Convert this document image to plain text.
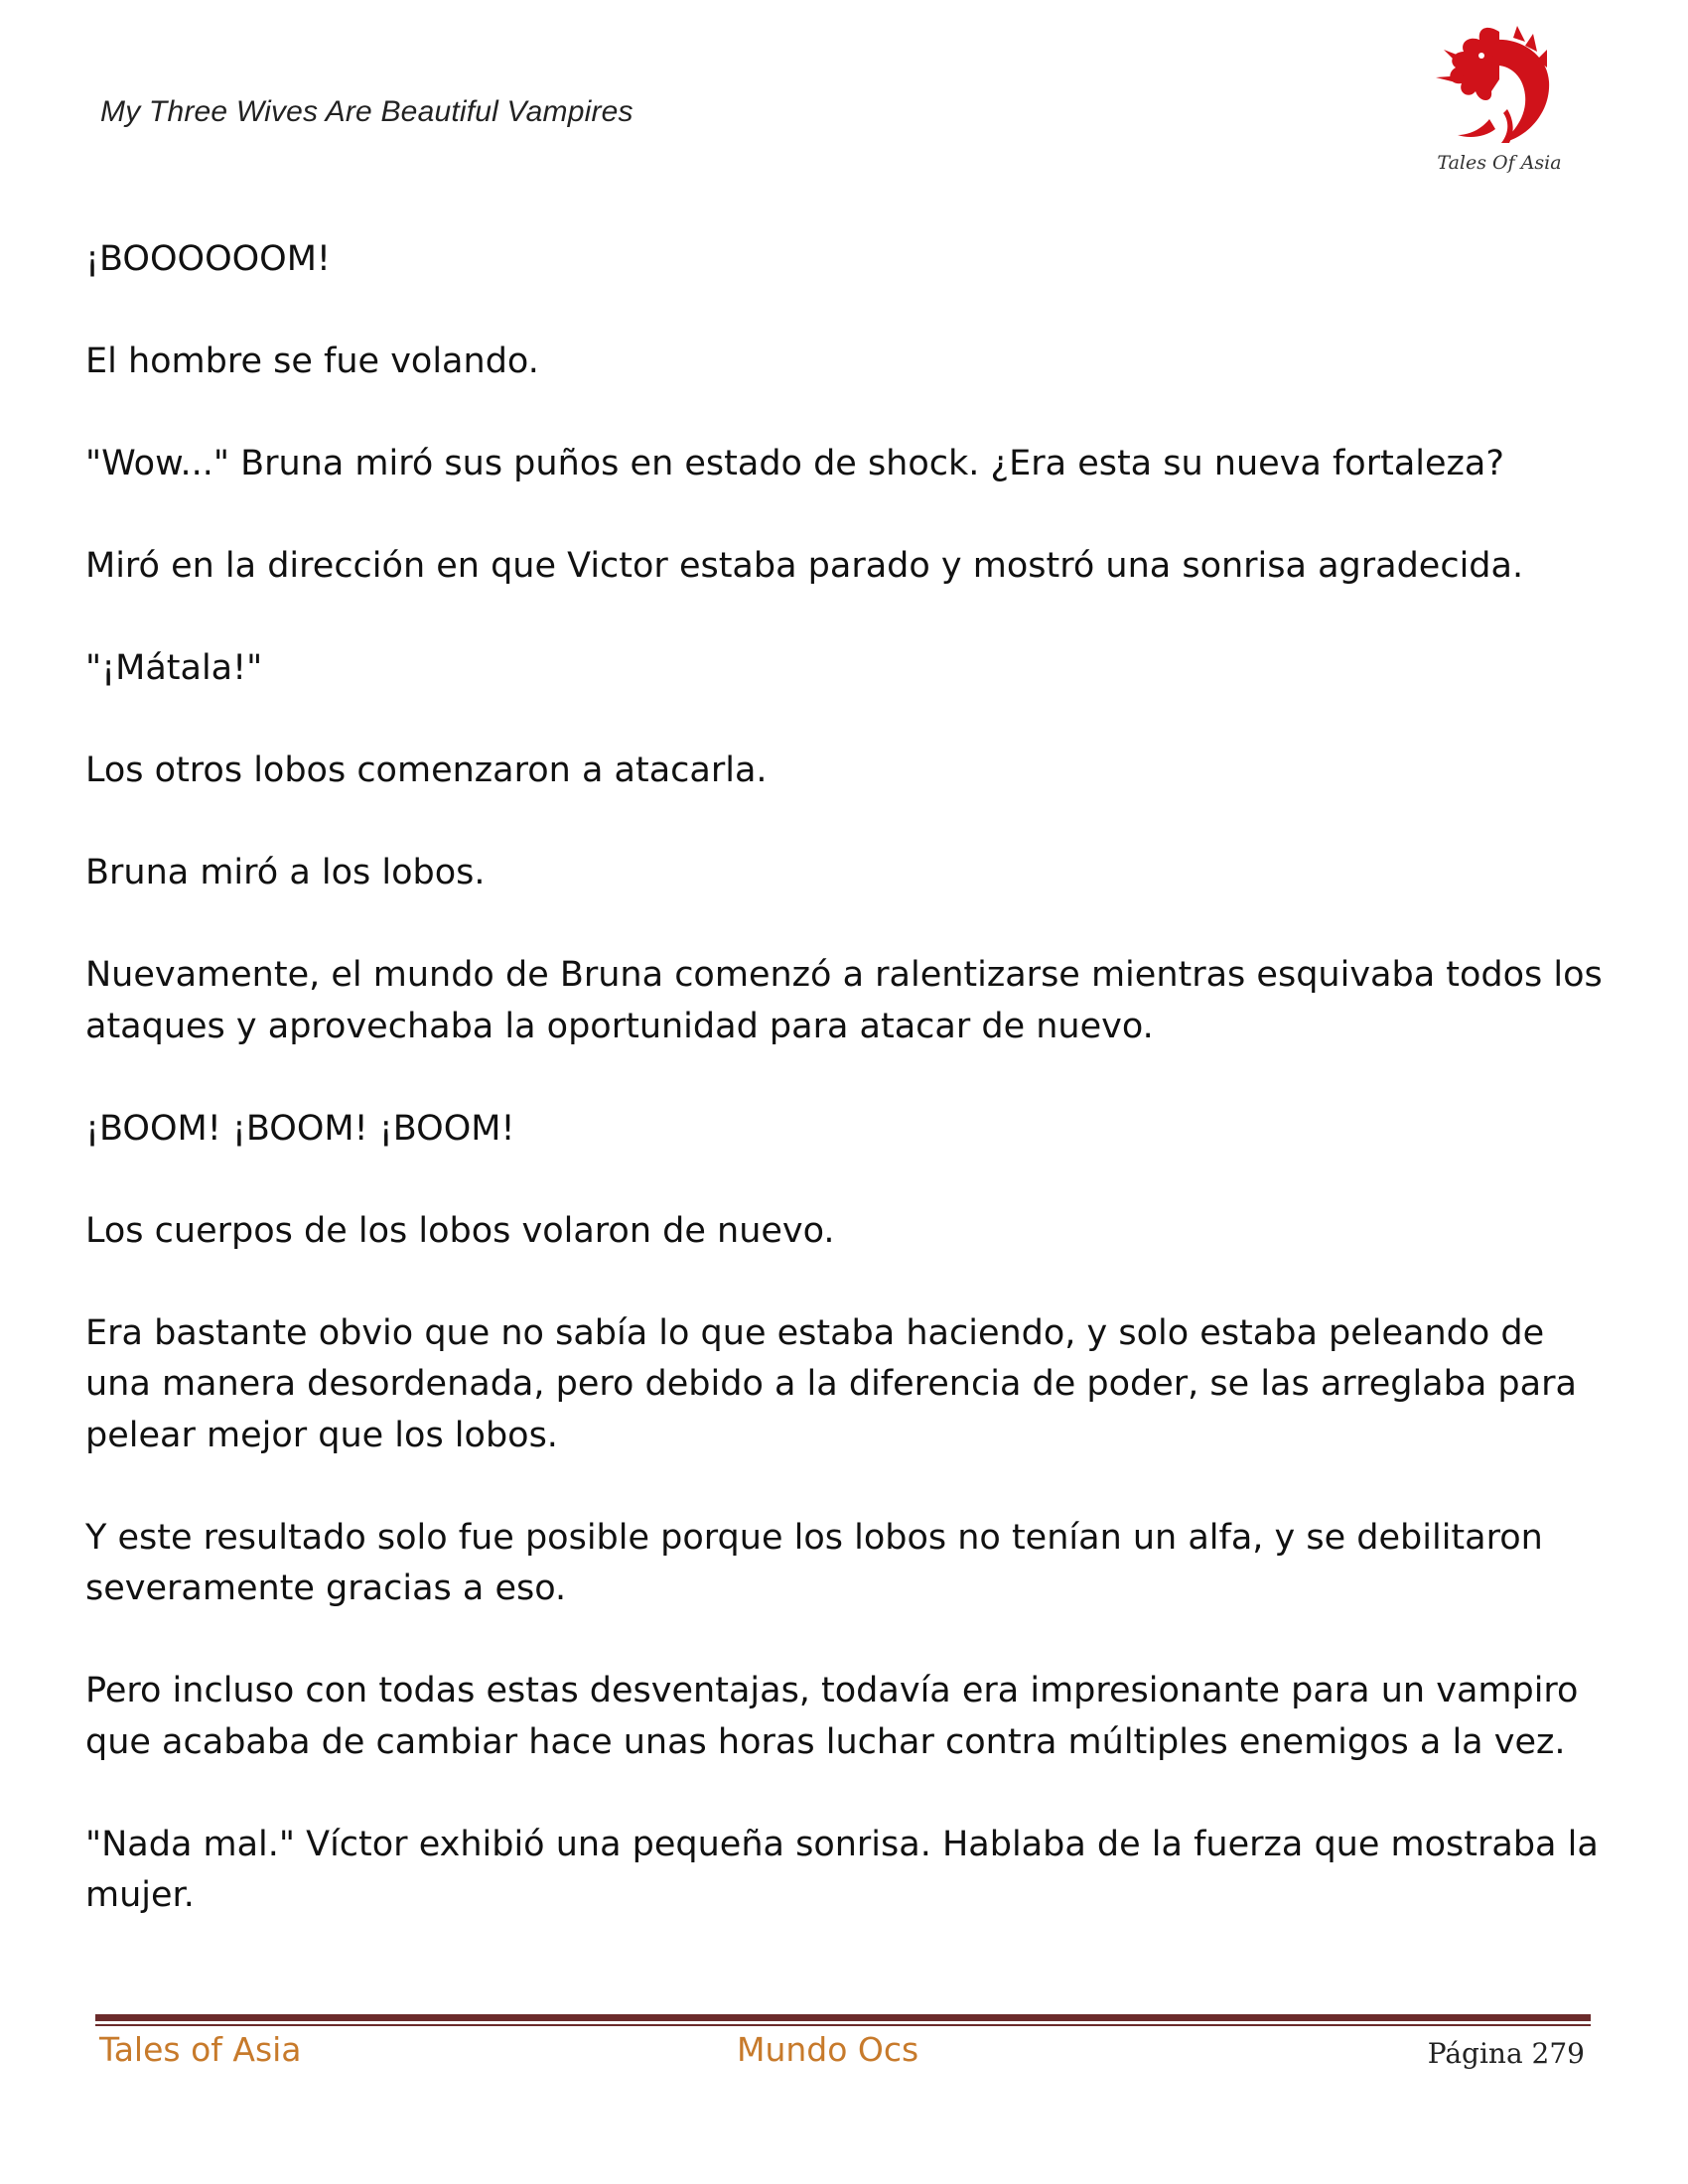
My Three Wives Are Beautiful Vampires
Tales Of Asia

¡BOOOOOOM!

El hombre se fue volando.

"Wow..." Bruna miró sus puños en estado de shock. ¿Era esta su nueva fortaleza?

Miró en la dirección en que Victor estaba parado y mostró una sonrisa agradecida.

"¡Mátala!"

Los otros lobos comenzaron a atacarla.

Bruna miró a los lobos.

Nuevamente, el mundo de Bruna comenzó a ralentizarse mientras esquivaba todos los ataques y aprovechaba la oportunidad para atacar de nuevo.

¡BOOM! ¡BOOM! ¡BOOM!

Los cuerpos de los lobos volaron de nuevo.

Era bastante obvio que no sabía lo que estaba haciendo, y solo estaba peleando de una manera desordenada, pero debido a la diferencia de poder, se las arreglaba para pelear mejor que los lobos.

Y este resultado solo fue posible porque los lobos no tenían un alfa, y se debilitaron severamente gracias a eso.

Pero incluso con todas estas desventajas, todavía era impresionante para un vampiro que acababa de cambiar hace unas horas luchar contra múltiples enemigos a la vez.

"Nada mal." Víctor exhibió una pequeña sonrisa. Hablaba de la fuerza que mostraba la mujer.

Tales of Asia	Mundo Ocs	Página 279
